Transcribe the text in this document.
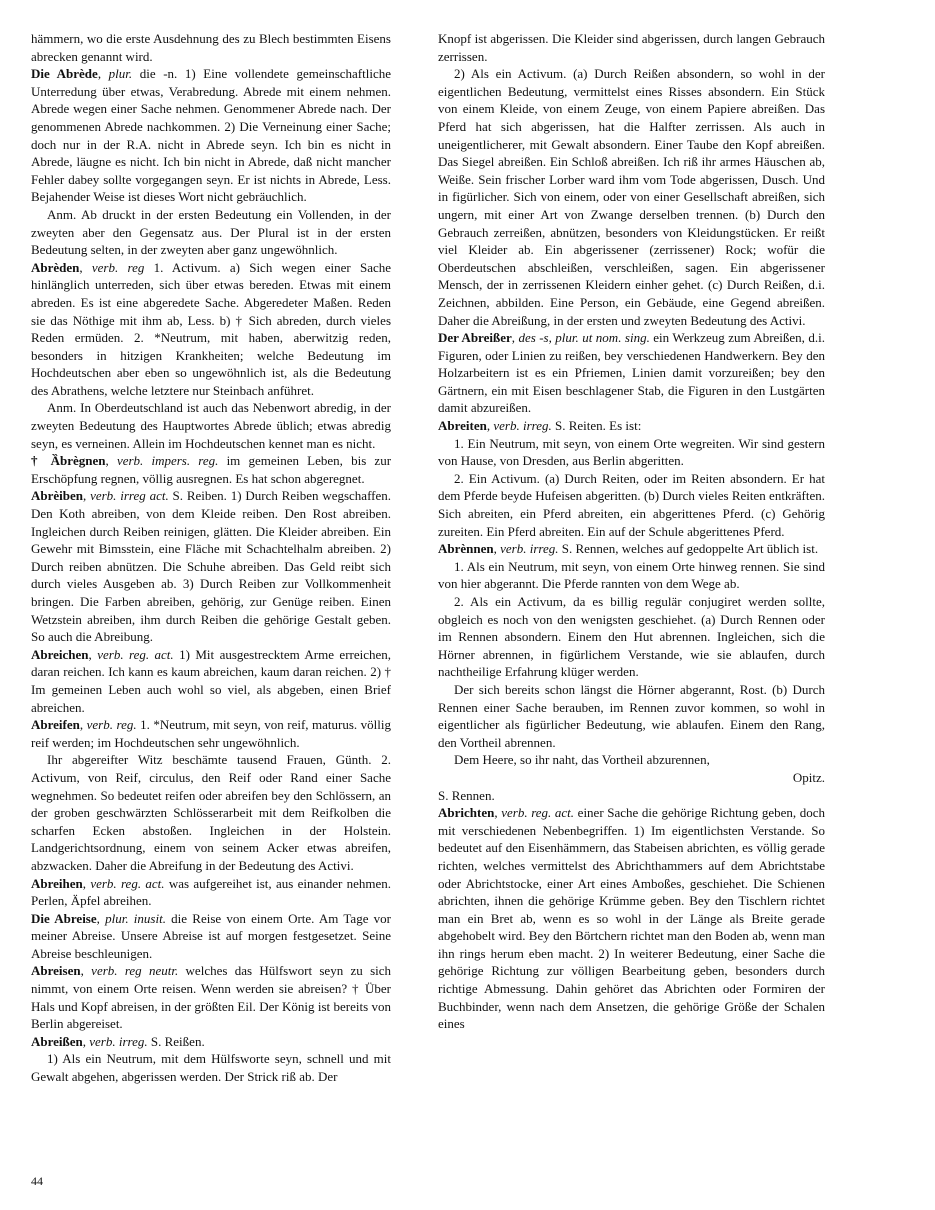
hämmern, wo die erste Ausdehnung des zu Blech bestimmten Eisens abrecken genannt wird.

Die Abrède, plur. die -n. 1) Eine vollendete gemeinschaftliche Unterredung über etwas, Verabredung. Abrede mit einem nehmen. Abrede wegen einer Sache nehmen. Genommener Abrede nach. Der genommenen Abrede nachkommen. 2) Die Verneinung einer Sache; doch nur in der R.A. nicht in Abrede seyn. Ich bin es nicht in Abrede, läugne es nicht. Ich bin nicht in Abrede, daß nicht mancher Fehler dabey sollte vorgegangen seyn. Er ist nichts in Abrede, Less. Bejahender Weise ist dieses Wort nicht gebräuchlich.

Anm. Ab druckt in der ersten Bedeutung ein Vollenden, in der zweyten aber den Gegensatz aus. Der Plural ist in der ersten Bedeutung selten, in der zweyten aber ganz ungewöhnlich.

Abrèden, verb. reg 1. Activum. a) Sich wegen einer Sache hinlänglich unterreden, sich über etwas bereden. Etwas mit einem abreden. Es ist eine abgeredete Sache. Abgeredeter Maßen. Reden sie das Nöthige mit ihm ab, Less. b) † Sich abreden, durch vieles Reden ermüden. 2. *Neutrum, mit haben, aberwitzig reden, besonders in hitzigen Krankheiten; welche Bedeutung im Hochdeutschen aber eben so ungewöhnlich ist, als die Bedeutung des Abrathens, welche letztere nur Steinbach anführet.

Anm. In Oberdeutschland ist auch das Nebenwort abredig, in der zweyten Bedeutung des Hauptwortes Abrede üblich; etwas abredig seyn, es verneinen. Allein im Hochdeutschen kennet man es nicht.

† Ȁbrègnen, verb. impers. reg. im gemeinen Leben, bis zur Erschöpfung regnen, völlig ausregnen. Es hat schon abgeregnet.

Abrèiben, verb. irreg act. S. Reiben. 1) Durch Reiben wegschaffen. Den Koth abreiben, von dem Kleide reiben. Den Rost abreiben. Ingleichen durch Reiben reinigen, glätten. Die Kleider abreiben. Ein Gewehr mit Bimsstein, eine Fläche mit Schachtelhalm abreiben. 2) Durch reiben abnützen. Die Schuhe abreiben. Das Geld reibt sich durch vieles Ausgeben ab. 3) Durch Reiben zur Vollkommenheit bringen. Die Farben abreiben, gehörig, zur Genüge reiben. Einen Wetzstein abreiben, ihm durch Reiben die gehörige Gestalt geben. So auch die Abreibung.

Abreichen, verb. reg. act. 1) Mit ausgestrecktem Arme erreichen, daran reichen. Ich kann es kaum abreichen, kaum daran reichen. 2) † Im gemeinen Leben auch wohl so viel, als abgeben, einen Brief abreichen.

Abreifen, verb. reg. 1. *Neutrum, mit seyn, von reif, maturus. völlig reif werden; im Hochdeutschen sehr ungewöhnlich.

Ihr abgereifter Witz beschämte tausend Frauen, Günth. 2. Activum, von Reif, circulus, den Reif oder Rand einer Sache wegnehmen. So bedeutet reifen oder abreifen bey den Schlössern, an der groben geschwärzten Schlösserarbeit mit dem Reifkolben die scharfen Ecken abstoßen. Ingleichen in der Holstein. Landgerichtsordnung, einem von seinem Acker etwas abreifen, abzwacken. Daher die Abreifung in der Bedeutung des Activi.

Abreihen, verb. reg. act. was aufgereihet ist, aus einander nehmen. Perlen, Äpfel abreihen.

Die Abreise, plur. inusit. die Reise von einem Orte. Am Tage vor meiner Abreise. Unsere Abreise ist auf morgen festgesetzet. Seine Abreise beschleunigen.

Abreisen, verb. reg neutr. welches das Hülfswort seyn zu sich nimmt, von einem Orte reisen. Wenn werden sie abreisen? † Über Hals und Kopf abreisen, in der größten Eil. Der König ist bereits von Berlin abgereiset.

Abreißen, verb. irreg. S. Reißen.

1) Als ein Neutrum, mit dem Hülfsworte seyn, schnell und mit Gewalt abgehen, abgerissen werden. Der Strick riß ab. Der

Knopf ist abgerissen. Die Kleider sind abgerissen, durch langen Gebrauch zerrissen.

2) Als ein Activum. (a) Durch Reißen absondern, so wohl in der eigentlichen Bedeutung, vermittelst eines Risses absondern. Ein Stück von einem Kleide, von einem Zeuge, von einem Papiere abreißen. Das Pferd hat sich abgerissen, hat die Halfter zerrissen. Als auch in uneigentlicherer, mit Gewalt absondern. Einer Taube den Kopf abreißen. Das Siegel abreißen. Ein Schloß abreißen. Ich riß ihr armes Häuschen ab, Weiße. Sein frischer Lorber ward ihm vom Tode abgerissen, Dusch. Und in figürlicher. Sich von einem, oder von einer Gesellschaft abreißen, sich ungern, mit einer Art von Zwange derselben trennen. (b) Durch den Gebrauch zerreißen, abnützen, besonders von Kleidungstücken. Er reißt viel Kleider ab. Ein abgerissener (zerrissener) Rock; wofür die Oberdeutschen abschleißen, verschleißen, sagen. Ein abgerissener Mensch, der in zerrissenen Kleidern einher gehet. (c) Durch Reißen, d.i. Zeichnen, abbilden. Eine Person, ein Gebäude, eine Gegend abreißen. Daher die Abreißung, in der ersten und zweyten Bedeutung des Activi.

Der Abreißer, des -s, plur. ut nom. sing. ein Werkzeug zum Abreißen, d.i. Figuren, oder Linien zu reißen, bey verschiedenen Handwerkern. Bey den Holzarbeitern ist es ein Pfriemen, Linien damit vorzureißen; bey den Gärtnern, ein mit Eisen beschlagener Stab, die Figuren in den Lustgärten damit abzureißen.

Abreiten, verb. irreg. S. Reiten. Es ist:

1. Ein Neutrum, mit seyn, von einem Orte wegreiten. Wir sind gestern von Hause, von Dresden, aus Berlin abgeritten.

2. Ein Activum. (a) Durch Reiten, oder im Reiten absondern. Er hat dem Pferde beyde Hufeisen abgeritten. (b) Durch vieles Reiten entkräften. Sich abreiten, ein Pferd abreiten, ein abgerittenes Pferd. (c) Gehörig zureiten. Ein Pferd abreiten. Ein auf der Schule abgerittenes Pferd.

Abrènnen, verb. irreg. S. Rennen, welches auf gedoppelte Art üblich ist.

1. Als ein Neutrum, mit seyn, von einem Orte hinweg rennen. Sie sind von hier abgerannt. Die Pferde rannten von dem Wege ab.

2. Als ein Activum, da es billig regulär conjugiret werden sollte, obgleich es noch von den wenigsten geschiehet. (a) Durch Rennen oder im Rennen absondern. Einem den Hut abrennen. Ingleichen, sich die Hörner abrennen, in figürlichem Verstande, wie sie ablaufen, durch nachtheilige Erfahrung klüger werden.

Der sich bereits schon längst die Hörner abgerannt, Rost. (b) Durch Rennen einer Sache berauben, im Rennen zuvor kommen, so wohl in eigentlicher als figürlicher Bedeutung, wie ablaufen. Einem den Rang, den Vortheil abrennen.

Dem Heere, so ihr naht, das Vortheil abzurennen,

Opitz.

S. Rennen.

Abrichten, verb. reg. act. einer Sache die gehörige Richtung geben, doch mit verschiedenen Nebenbegriffen. 1) Im eigentlichsten Verstande. So bedeutet auf den Eisenhämmern, das Stabeisen abrichten, es völlig gerade richten, welches vermittelst des Abrichthammers auf dem Abrichtstabe oder Abrichtstocke, einer Art eines Amboßes, geschiehet. Die Schienen abrichten, ihnen die gehörige Krümme geben. Bey den Tischlern richtet man ein Bret ab, wenn es so wohl in der Länge als Breite gerade abgehobelt wird. Bey den Börtchern richtet man den Boden ab, wenn man ihn rings herum eben macht. 2) In weiterer Bedeutung, einer Sache die gehörige Richtung zur völligen Bearbeitung geben, besonders durch richtige Abmessung. Dahin gehöret das Abrichten oder Formiren der Buchbinder, wenn nach dem Ansetzen, die gehörige Größe der Schalen eines

44
